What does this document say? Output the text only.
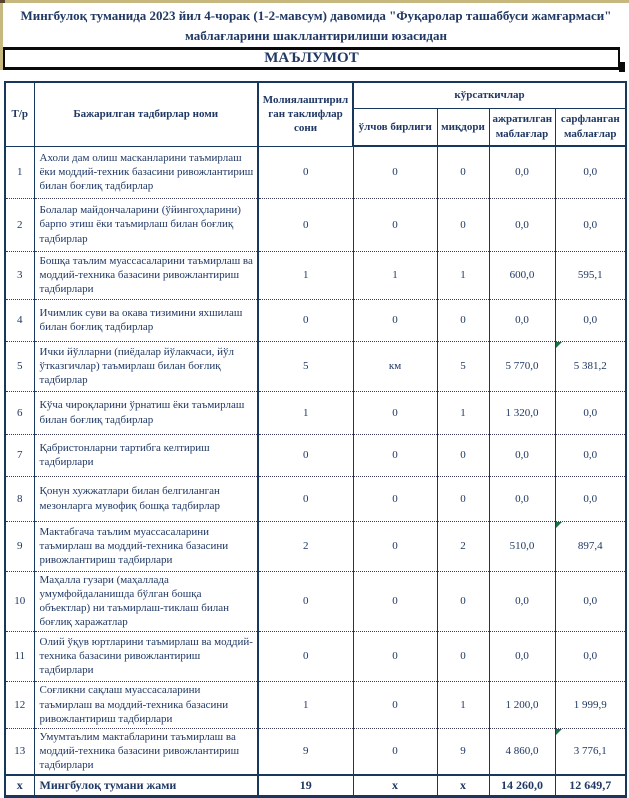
Мингбулоқ туманида 2023 йил 4-чорак (1-2-мавсум) давомида "Фуқаролар ташаббуси жамғармаси"
маблағларини шакллантирилиши юзасидан
МАЪЛУМОТ
Т/р	Бажарилган тадбирлар номи	Молиялаштирил ган таклифлар сони	кўрсаткичлар			
			ўлчов бирлиги	миқдори	ажратилган маблағлар	сарфланган маблағлар
1	Ахоли дам олиш масканларини таъмирлаш ёки моддий-техник базасини ривожлантириш билан боғлиқ тадбирлар	0	0	0	0,0	0,0
2	Болалар майдончаларини (ўйингоҳларини) барпо этиш ёки таъмирлаш билан боғлиқ тадбирлар	0	0	0	0,0	0,0
3	Бошқа таълим муассасаларини таъмирлаш ва моддий-техника базасини ривожлантириш тадбирлари	1	1	1	600,0	595,1
4	Ичимлик суви ва окава тизимини яхшилаш билан боғлиқ тадбирлар	0	0	0	0,0	0,0
5	Ички йўлларни (пиёдалар йўлакчаси, йўл ўтказгичлар) таъмирлаш билан боғлиқ тадбирлар	5	км	5	5 770,0	5 381,2

6	Кўча чироқларини ўрнатиш ёки таъмирлаш билан боғлиқ тадбирлар	1	0	1	1 320,0	0,0
7	Қабристонларни тартибга келтириш тадбирлари	0	0	0	0,0	0,0
8	Қонун хужжатлари билан белгиланган мезонларга мувофиқ бошқа тадбирлар	0	0	0	0,0	0,0
9	Мактабгача таълим муассасаларини таъмирлаш ва моддий-техника базасини ривожлантириш тадбирлари	2	0	2	510,0	897,4

10	Маҳалла гузари (маҳаллада умумфойдаланишда бўлган бошқа объектлар) ни таъмирлаш-тиклаш билан боғлиқ харажатлар	0	0	0	0,0	0,0
11	Олий ўқув юртларини таъмирлаш ва моддий-техника базасини ривожлантириш тадбирлари	0	0	0	0,0	0,0
12	Соғликни сақлаш муассасаларини таъмирлаш ва моддий-техника базасини ривожлантириш тадбирлари	1	0	1	1 200,0	1 999,9
13	Умумтаълим мактабларини таъмирлаш ва моддий-техника базасини ривожлантириш тадбирлари	9	0	9	4 860,0	3 776,1

х	Мингбулоқ тумани жами	19	х	х	14 260,0	12 649,7
